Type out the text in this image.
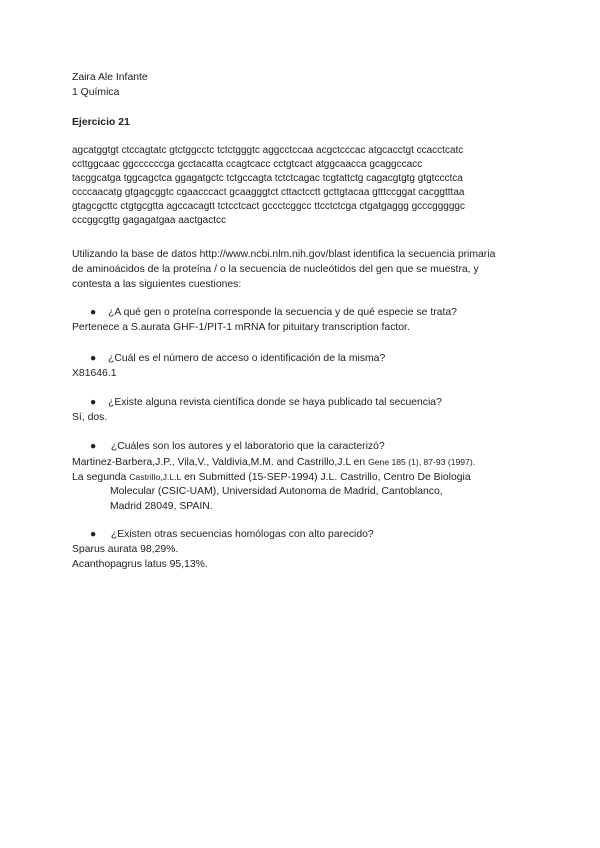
Zaira Ale Infante
1 Química
Ejercicio 21
agcatggtgt ctccagtatc gtctggcctc tctctgggtc aggcctccaa acgctcccac atgcacctgt ccacctcatc
ccttggcaac ggccccccga gcctacatta ccagtcacc cctgtcact atggcaacca gcaggccacc
tacggcatga tggcagctca ggagatgctc tctgccagta tctctcagac tcgtattctg cagacgtgtg gtgtccctca
ccccaacatg gtgagcggtc cgaacccact gcaagggtct cttactcctt gcttgtacaa gtttccggat cacggtttaa
gtagcgcttc ctgtgcgtta agccacagtt tctcctcact gccctcggcc ttcctctcga ctgatgaggg gcccgggggc
cccggcgttg gagagatgaa aactgactcc
Utilizando la base de datos http://www.ncbi.nlm.nih.gov/blast identifica la secuencia primaria
de aminoácidos de la proteína / o la secuencia de nucleótidos del gen que se muestra, y
contesta a las siguientes cuestiones:
● ¿A qué gen o proteína corresponde la secuencia y de qué especie se trata?
Pertenece a S.aurata GHF-1/PIT-1 mRNA for pituitary transcription factor.
● ¿Cuál es el número de acceso o identificación de la misma?
X81646.1
● ¿Existe alguna revista científica donde se haya publicado tal secuencia?
Sí, dos.
● ¿Cuáles son los autores y el laboratorio que la caracterizó?
Martinez-Barbera,J.P., Vila,V., Valdivia,M.M. and Castrillo,J.L en Gene 185 (1), 87-93 (1997).
La segunda Castrillo,J.L.L en Submitted (15-SEP-1994) J.L. Castrillo, Centro De Biologia
Molecular (CSIC-UAM), Universidad Autonoma de Madrid, Cantoblanco,
Madrid 28049, SPAIN.
● ¿Existen otras secuencias homólogas con alto parecido?
Sparus aurata 98,29%.
Acanthopagrus latus 95,13%.
